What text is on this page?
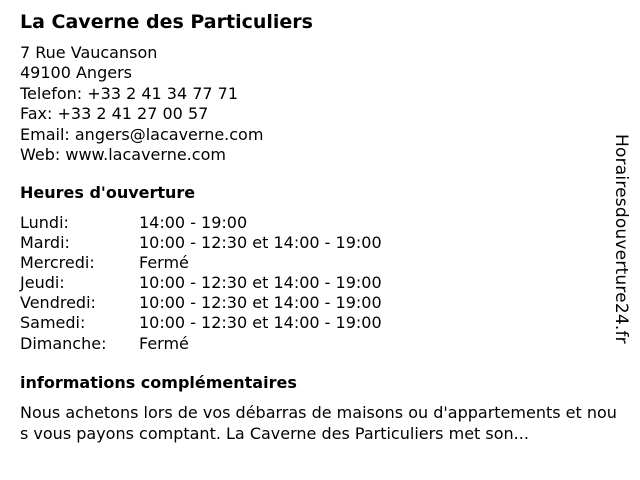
La Caverne des Particuliers
7 Rue Vaucanson
49100 Angers
Telefon: +33 2 41 34 77 71
Fax: +33 2 41 27 00 57
Email: angers@lacaverne.com
Web: www.lacaverne.com
Heures d'ouverture
Lundi:	14:00 - 19:00
Mardi:	10:00 - 12:30 et 14:00 - 19:00
Mercredi:	Fermé
Jeudi:	10:00 - 12:30 et 14:00 - 19:00
Vendredi:	10:00 - 12:30 et 14:00 - 19:00
Samedi:	10:00 - 12:30 et 14:00 - 19:00
Dimanche: Fermé
informations complémentaires
Nous achetons lors de vos débarras de maisons ou d'appartements et nous vous payons comptant. La Caverne des Particuliers met son...
Horairesdouverture24.fr
